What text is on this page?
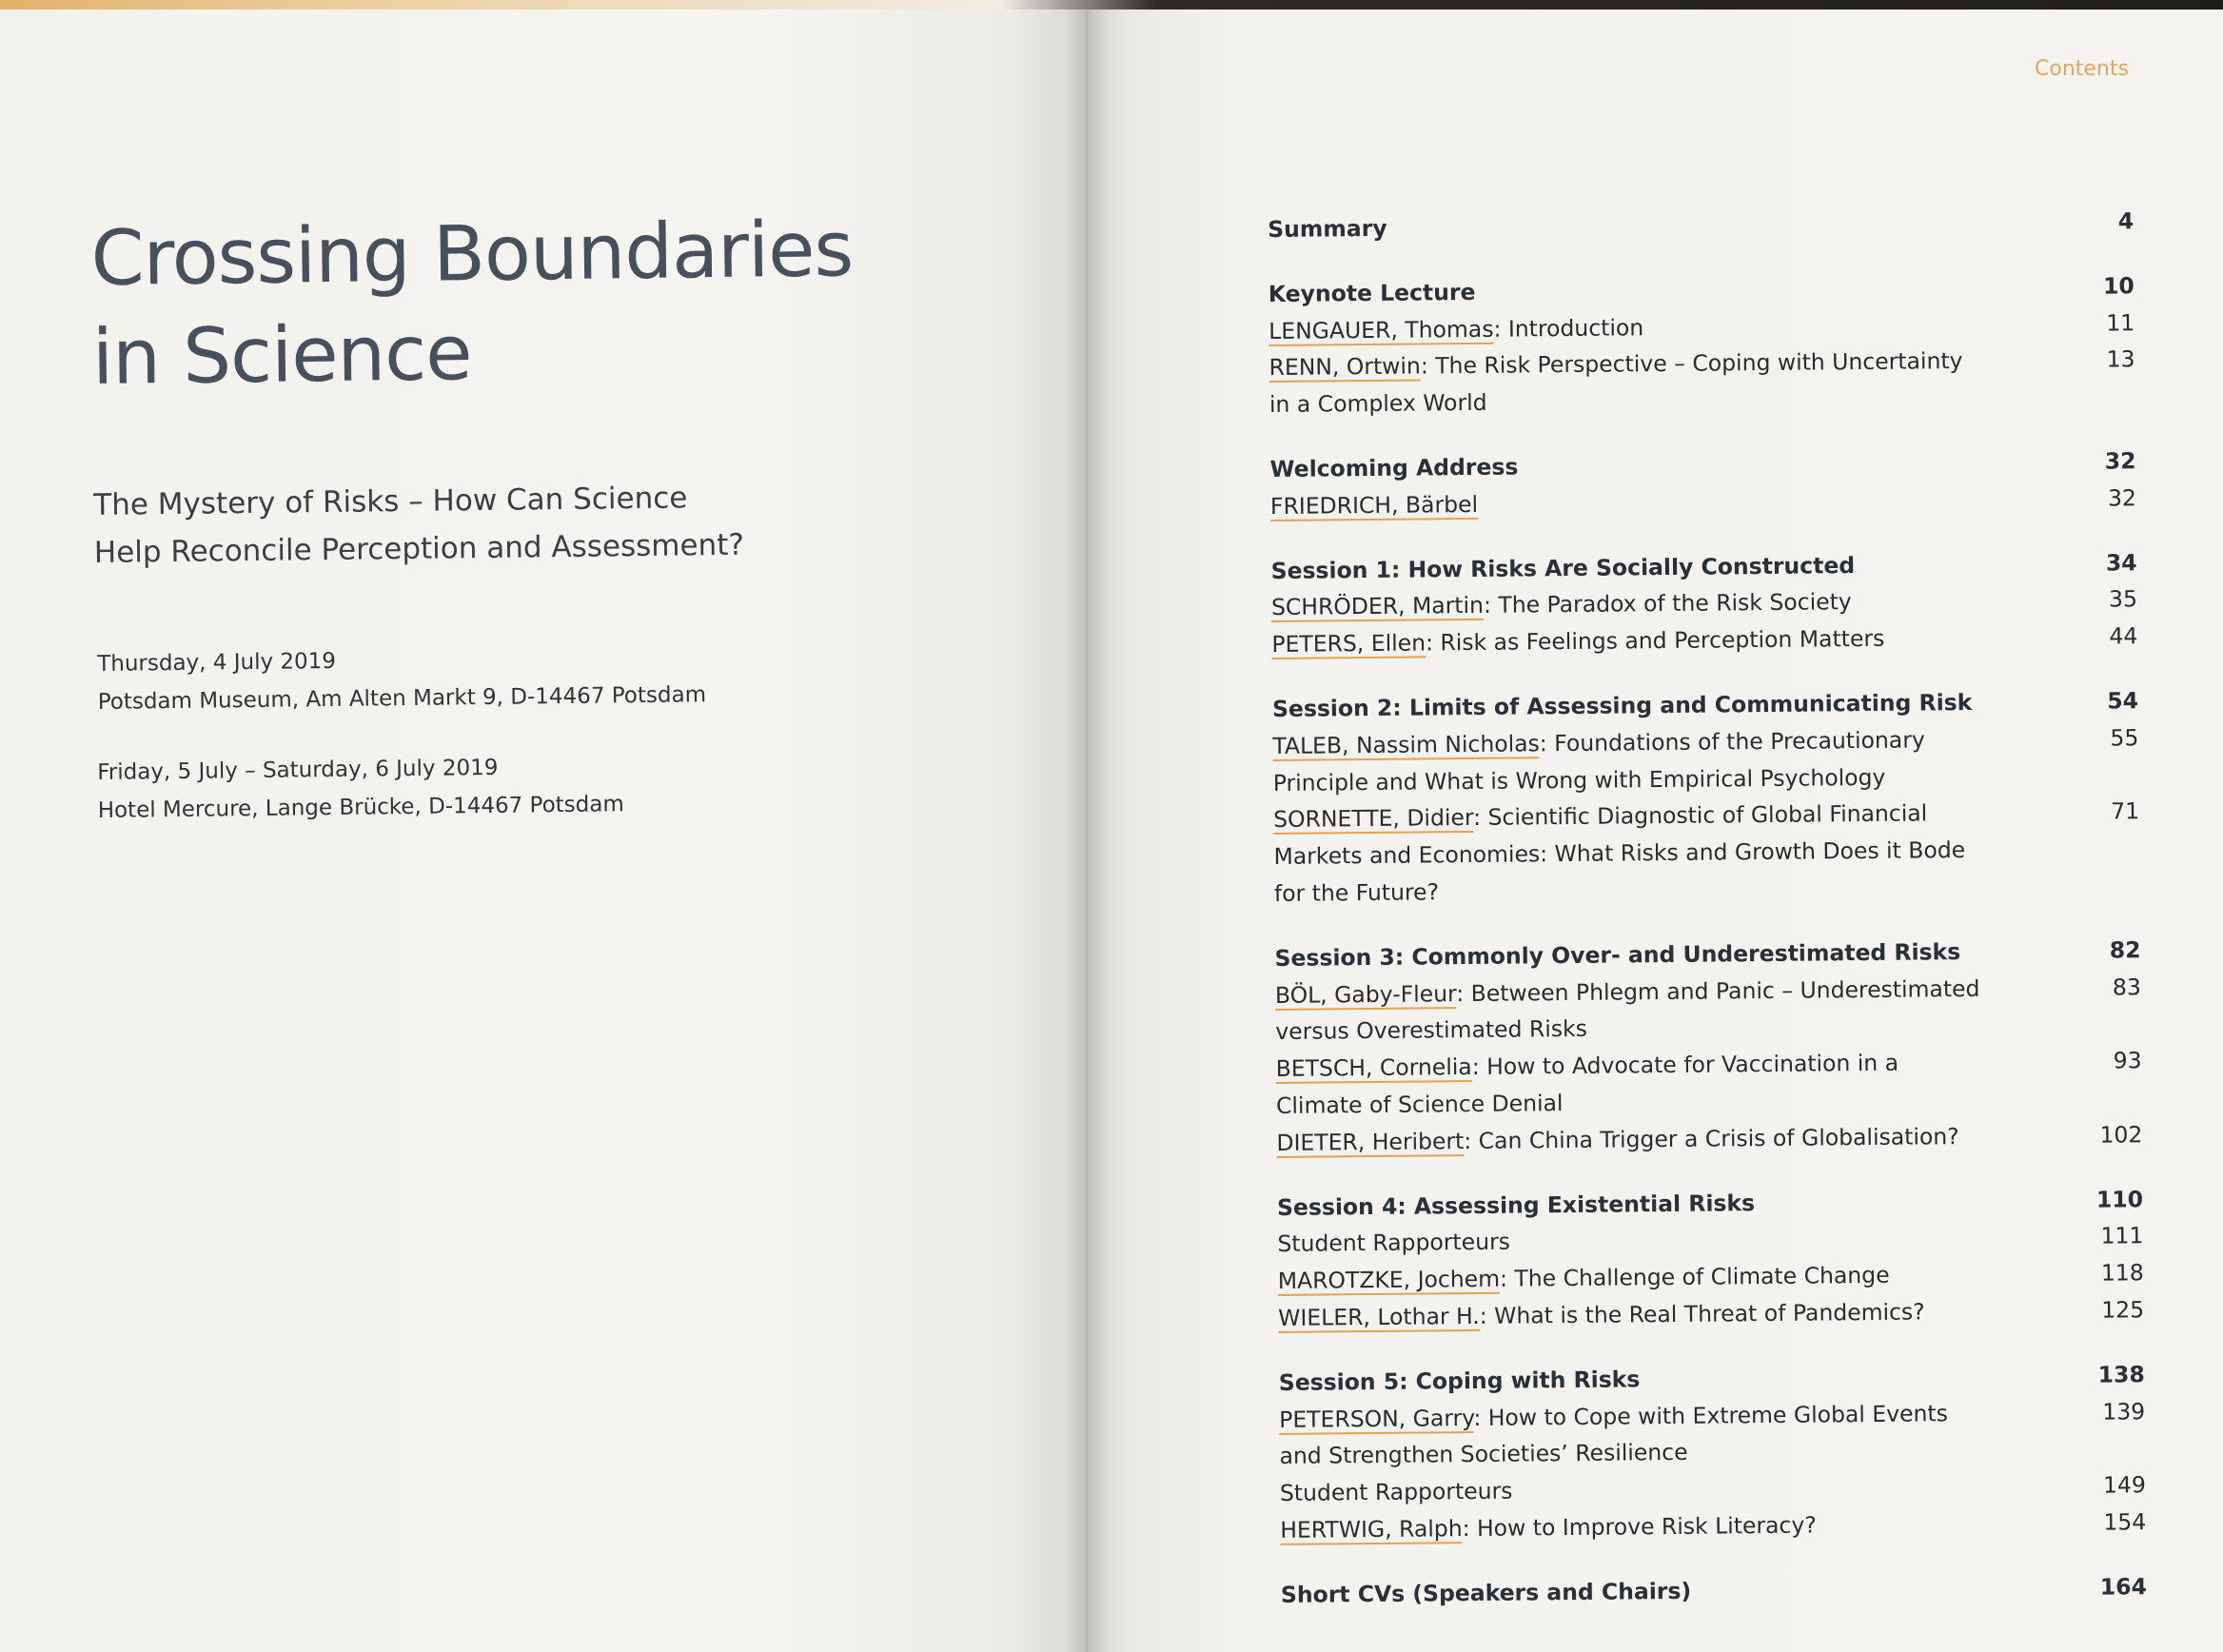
Crossing Boundaries
in Science
The Mystery of Risks – How Can Science
Help Reconcile Perception and Assessment?
Thursday, 4 July 2019
Potsdam Museum, Am Alten Markt 9, D-14467 Potsdam
Friday, 5 July – Saturday, 6 July 2019
Hotel Mercure, Lange Brücke, D-14467 Potsdam
Contents
Summary	4
Keynote Lecture	10
LENGAUER, Thomas: Introduction	11
RENN, Ortwin: The Risk Perspective – Coping with Uncertainty	13
in a Complex World
Welcoming Address	32
FRIEDRICH, Bärbel	32
Session 1: How Risks Are Socially Constructed	34
SCHRÖDER, Martin: The Paradox of the Risk Society	35
PETERS, Ellen: Risk as Feelings and Perception Matters	44
Session 2: Limits of Assessing and Communicating Risk	54
TALEB, Nassim Nicholas: Foundations of the Precautionary	55
Principle and What is Wrong with Empirical Psychology
SORNETTE, Didier: Scientific Diagnostic of Global Financial	71
Markets and Economies: What Risks and Growth Does it Bode
for the Future?
Session 3: Commonly Over- and Underestimated Risks	82
BÖL, Gaby-Fleur: Between Phlegm and Panic – Underestimated	83
versus Overestimated Risks
BETSCH, Cornelia: How to Advocate for Vaccination in a	93
Climate of Science Denial
DIETER, Heribert: Can China Trigger a Crisis of Globalisation?	102
Session 4: Assessing Existential Risks	110
Student Rapporteurs	111
MAROTZKE, Jochem: The Challenge of Climate Change	118
WIELER, Lothar H.: What is the Real Threat of Pandemics?	125
Session 5: Coping with Risks	138
PETERSON, Garry: How to Cope with Extreme Global Events	139
and Strengthen Societies’ Resilience
Student Rapporteurs	149
HERTWIG, Ralph: How to Improve Risk Literacy?	154
Short CVs (Speakers and Chairs)	164
